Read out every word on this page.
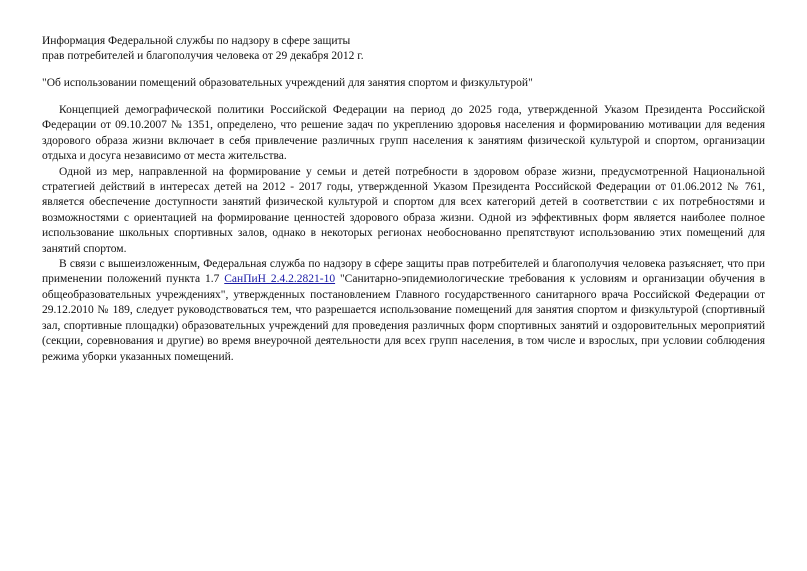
Информация Федеральной службы по надзору в сфере защиты

прав потребителей и благополучия человека от 29 декабря 2012 г.

"Об использовании помещений образовательных учреждений для занятия спортом и физкультурой"

Концепцией демографической политики Российской Федерации на период до 2025 года, утвержденной Указом Президента Российской Федерации от 09.10.2007 № 1351, определено, что решение задач по укреплению здоровья населения и формированию мотивации для ведения здорового образа жизни включает в себя привлечение различных групп населения к занятиям физической культурой и спортом, организации отдыха и досуга независимо от места жительства.

Одной из мер, направленной на формирование у семьи и детей потребности в здоровом образе жизни, предусмотренной Национальной стратегией действий в интересах детей на 2012 - 2017 годы, утвержденной Указом Президента Российской Федерации от 01.06.2012 № 761, является обеспечение доступности занятий физической культурой и спортом для всех категорий детей в соответствии с их потребностями и возможностями с ориентацией на формирование ценностей здорового образа жизни. Одной из эффективных форм является наиболее полное использование школьных спортивных залов, однако в некоторых регионах необоснованно препятствуют использованию этих помещений для занятий спортом.

В связи с вышеизложенным, Федеральная служба по надзору в сфере защиты прав потребителей и благополучия человека разъясняет, что при применении положений пункта 1.7 СанПиН 2.4.2.2821-10 "Санитарно-эпидемиологические требования к условиям и организации обучения в общеобразовательных учреждениях", утвержденных постановлением Главного государственного санитарного врача Российской Федерации от 29.12.2010 № 189, следует руководствоваться тем, что разрешается использование помещений для занятия спортом и физкультурой (спортивный зал, спортивные площадки) образовательных учреждений для проведения различных форм спортивных занятий и оздоровительных мероприятий (секции, соревнования и другие) во время внеурочной деятельности для всех групп населения, в том числе и взрослых, при условии соблюдения режима уборки указанных помещений.
